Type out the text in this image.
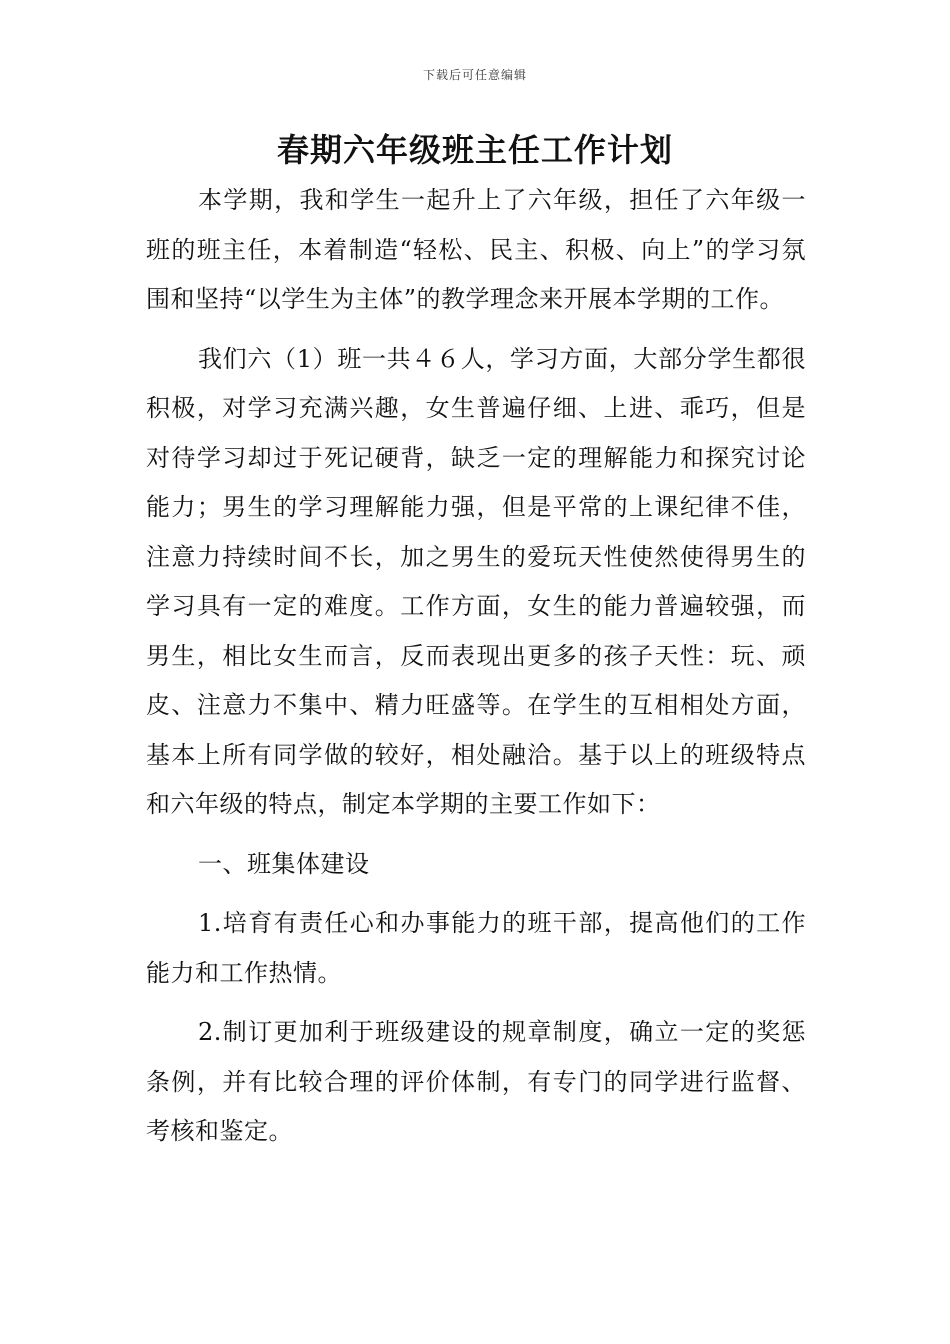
下载后可任意编辑
春期六年级班主任工作计划

本学期，我和学生一起升上了六年级，担任了六年级一班的班主任，本着制造“轻松、民主、积极、向上”的学习氛围和坚持“以学生为主体”的教学理念来开展本学期的工作。

我们六（1）班一共４６人，学习方面，大部分学生都很积极，对学习充满兴趣，女生普遍仔细、上进、乖巧，但是对待学习却过于死记硬背，缺乏一定的理解能力和探究讨论能力；男生的学习理解能力强，但是平常的上课纪律不佳，注意力持续时间不长，加之男生的爱玩天性使然使得男生的学习具有一定的难度。工作方面，女生的能力普遍较强，而男生，相比女生而言，反而表现出更多的孩子天性：玩、顽皮、注意力不集中、精力旺盛等。在学生的互相相处方面，基本上所有同学做的较好，相处融洽。基于以上的班级特点和六年级的特点，制定本学期的主要工作如下：

一、班集体建设

1.培育有责任心和办事能力的班干部，提高他们的工作能力和工作热情。

2.制订更加利于班级建设的规章制度，确立一定的奖惩条例，并有比较合理的评价体制，有专门的同学进行监督、考核和鉴定。
